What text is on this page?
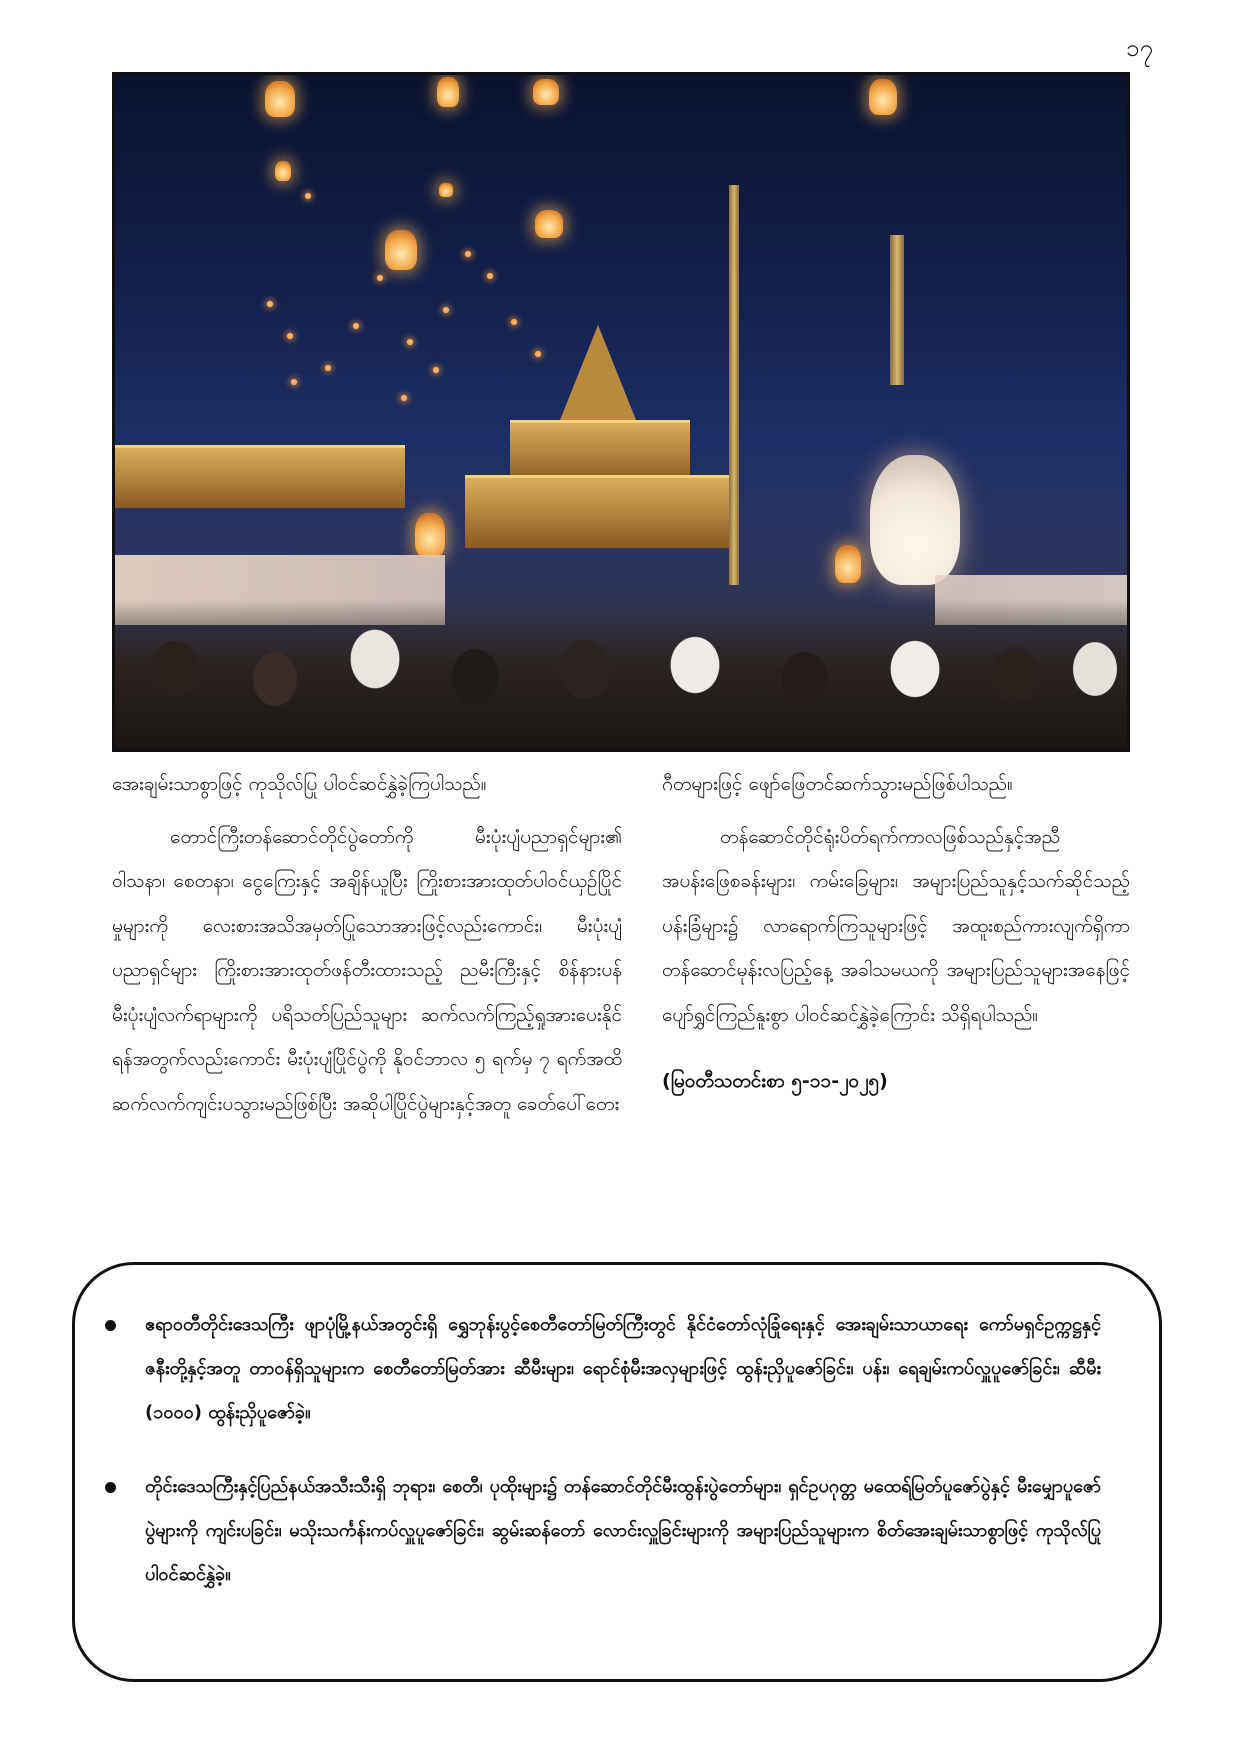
၁၇

အေးချမ်းသာစွာဖြင့် ကုသိုလ်ပြု ပါဝင်ဆင်နွှဲခဲ့ကြပါသည်။

တောင်ကြီးတန်ဆောင်တိုင်ပွဲတော်ကို မီးပုံးပျံပညာရှင်များ၏ ဝါသနာ၊ စေတနာ၊ ငွေကြေးနှင့် အချိန်ယူပြီး ကြိုးစားအားထုတ်ပါဝင်ယှဉ်ပြိုင်မှုများကို လေးစားအသိအမှတ်ပြုသောအားဖြင့်လည်းကောင်း၊ မီးပုံးပျံပညာရှင်များ ကြိုးစားအားထုတ်ဖန်တီးထားသည့် ညမီးကြီးနှင့် စိန်နားပန် မီးပုံးပျံလက်ရာများကို ပရိသတ်ပြည်သူများ ဆက်လက်ကြည့်ရှုအားပေးနိုင်ရန်အတွက်လည်းကောင်း မီးပုံးပျံပြိုင်ပွဲကို နိုဝင်ဘာလ ၅ ရက်မှ ၇ ရက်အထိ ဆက်လက်ကျင်းပသွားမည်ဖြစ်ပြီး အဆိုပါပြိုင်ပွဲများနှင့်အတူ ခေတ်ပေါ်တေး

ဂီတများဖြင့် ဖျော်ဖြေတင်ဆက်သွားမည်ဖြစ်ပါသည်။

တန်ဆောင်တိုင်ရုံးပိတ်ရက်ကာလဖြစ်သည်နှင့်အညီ အပန်းဖြေစခန်းများ၊ ကမ်းခြေများ၊ အများပြည်သူနှင့်သက်ဆိုင်သည့် ပန်းခြံများ၌ လာရောက်ကြသူများဖြင့် အထူးစည်ကားလျက်ရှိကာ တန်ဆောင်မုန်းလပြည့်နေ့ အခါသမယကို အများပြည်သူများအနေဖြင့် ပျော်ရွှင်ကြည်နူးစွာ ပါဝင်ဆင်နွှဲခဲ့ကြောင်း သိရှိရပါသည်။

(မြဝတီသတင်းစာ ၅-၁၁-၂၀၂၅)

ဧရာဝတီတိုင်းဒေသကြီး ဖျာပုံမြို့နယ်အတွင်းရှိ ရွှေဘုန်းပွင့်စေတီတော်မြတ်ကြီးတွင် နိုင်ငံတော်လုံခြုံရေးနှင့် အေးချမ်းသာယာရေး ကော်မရှင်ဥက္ကဋ္ဌနှင့်ဇနီးတို့နှင့်အတူ တာဝန်ရှိသူများက စေတီတော်မြတ်အား ဆီမီးများ၊ ရောင်စုံမီးအလှများဖြင့် ထွန်းညှိပူဇော်ခြင်း၊ ပန်း၊ ရေချမ်းကပ်လှူပူဇော်ခြင်း၊ ဆီမီး (၁၀၀၀) ထွန်းညှိပူဇော်ခဲ့။
တိုင်းဒေသကြီးနှင့်ပြည်နယ်အသီးသီးရှိ ဘုရား၊ စေတီ၊ ပုထိုးများ၌ တန်ဆောင်တိုင်မီးထွန်းပွဲတော်များ၊ ရှင်ဥပဂုတ္တ မထေရ်မြတ်ပူဇော်ပွဲနှင့် မီးမျှောပူဇော်ပွဲများကို ကျင်းပခြင်း၊ မသိုးသင်္ကန်းကပ်လှူပူဇော်ခြင်း၊ ဆွမ်းဆန်တော် လောင်းလှူခြင်းများကို အများပြည်သူများက စိတ်အေးချမ်းသာစွာဖြင့် ကုသိုလ်ပြုပါဝင်ဆင်နွှဲခဲ့။
